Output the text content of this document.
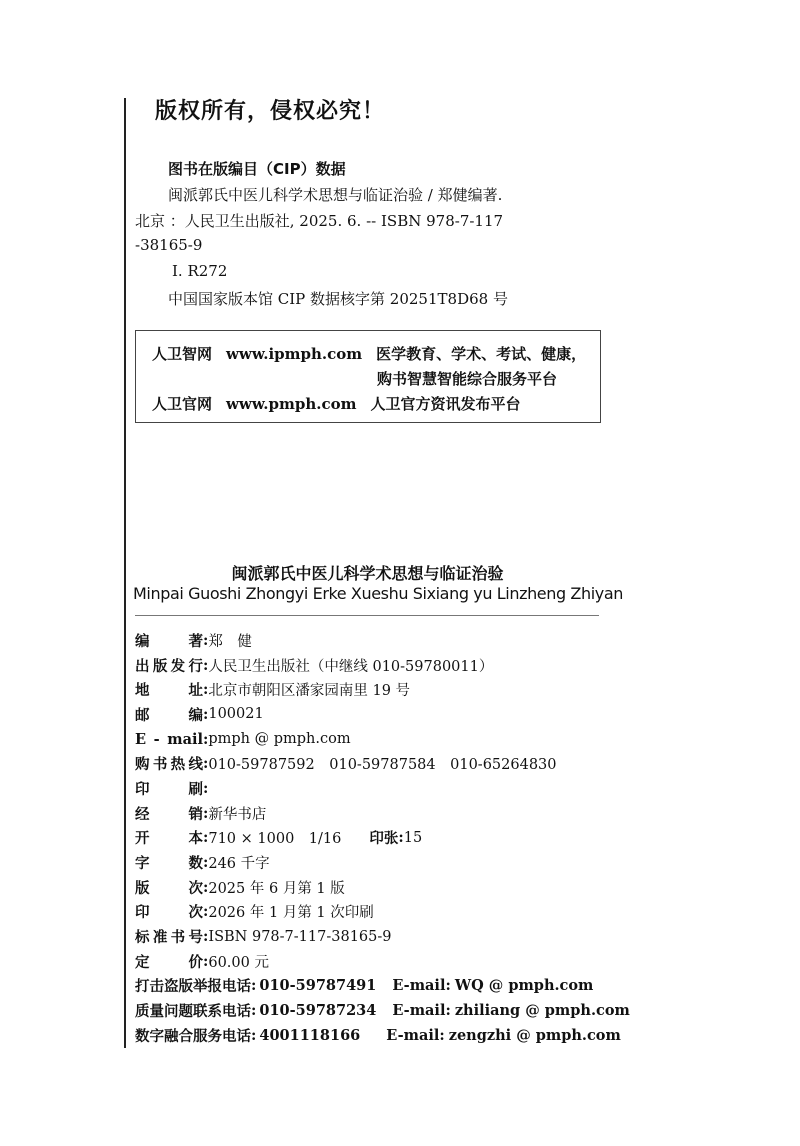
版权所有，侵权必究！
图书在版编目（CIP）数据
闽派郭氏中医儿科学术思想与临证治验 / 郑健编著.
北京 ：人民卫生出版社, 2025. 6. -- ISBN 978-7-117
-38165-9
Ⅰ. R272
中国国家版本馆 CIP 数据核字第 20251T8D68 号
人卫智网 www.ipmph.com 医学教育、学术、考试、健康，
购书智慧智能综合服务平台
人卫官网 www.pmph.com 人卫官方资讯发布平台
闽派郭氏中医儿科学术思想与临证治验
Minpai Guoshi Zhongyi Erke Xueshu Sixiang yu Linzheng Zhiyan
编著 : 郑　健
出版发行 : 人民卫生出版社（中继线 010-59780011）
地址 : 北京市朝阳区潘家园南里 19 号
邮编 : 100021
E - mail : pmph @ pmph.com
购书热线 : 010-59787592　010-59787584　010-65264830
印刷 :
经销 : 新华书店
开本 : 710 × 1000　1/16 印张 : 15
字数 : 246 千字
版次 : 2025 年 6 月第 1 版
印次 : 2026 年 1 月第 1 次印刷
标准书号 : ISBN 978-7-117-38165-9
定价 : 60.00 元
打击盗版举报电话 : 010-59787491 E-mail : WQ @ pmph.com
质量问题联系电话 : 010-59787234 E-mail : zhiliang @ pmph.com
数字融合服务电话 : 4001118166 E-mail : zengzhi @ pmph.com
